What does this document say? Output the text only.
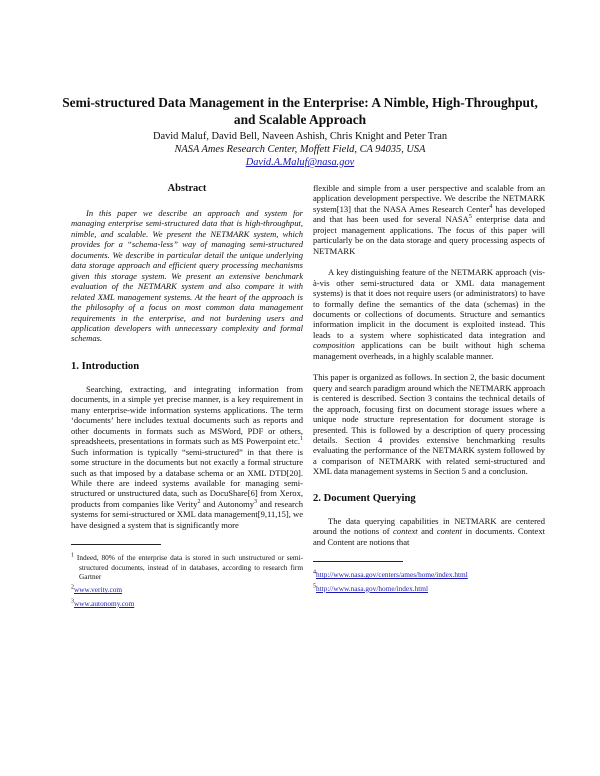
Semi-structured Data Management in the Enterprise: A Nimble, High-Throughput, and Scalable Approach
David Maluf, David Bell, Naveen Ashish, Chris Knight and Peter Tran
NASA Ames Research Center, Moffett Field, CA 94035, USA
David.A.Maluf@nasa.gov
Abstract

In this paper we describe an approach and system for managing enterprise semi-structured data that is high-throughput, nimble, and scalable. We present the NETMARK system, which provides for a “schema-less” way of managing semi-structured documents. We describe in particular detail the unique underlying data storage approach and efficient query processing mechanisms given this storage system. We present an extensive benchmark evaluation of the NETMARK system and also compare it with related XML management systems. At the heart of the approach is the philosophy of a focus on most common data management requirements in the enterprise, and not burdening users and application developers with unnecessary complexity and formal schemas.

1. Introduction

Searching, extracting, and integrating information from documents, in a simple yet precise manner, is a key requirement in many enterprise-wide information systems applications. The term ‘documents’ here includes textual documents such as reports and other documents in formats such as MSWord, PDF or others, spreadsheets, presentations in formats such as MS Powerpoint etc.$^1$ Such information is typically “semi-structured” in that there is some structure in the documents but not exactly a formal structure such as that imposed by a database schema or an XML DTD[20]. While there are indeed systems available for managing semi-structured or unstructured data, such as DocuShare[6] from Xerox, products from companies like Verity$^2$ and Autonomy$^3$ and research systems for semi-structured or XML data management[9,11,15], we have designed a system that is significantly more

$^1$ Indeed, 80% of the enterprise data is stored in such unstructured or semi-structured documents, instead of in databases, according to research firm Gartner

$^2$www.verity.com

$^3$www.autonomy.com

flexible and simple from a user perspective and scalable from an application development perspective. We describe the NETMARK system[13] that the NASA Ames Research Center$^4$ has developed and that has been used for several NASA$^5$ enterprise data and project management applications. The focus of this paper will particularly be on the data storage and query processing aspects of NETMARK

A key distinguishing feature of the NETMARK approach (vis-à-vis other semi-structured data or XML data management systems) is that it does not require users (or administrators) to have to formally define the semantics of the data (schemas) in the documents or collections of documents. Structure and semantics information implicit in the document is exploited instead. This leads to a system where sophisticated data integration and composition applications can be built without high schema management overheads, in a highly scalable manner.

This paper is organized as follows. In section 2, the basic document query and search paradigm around which the NETMARK approach is centered is described. Section 3 contains the technical details of the approach, focusing first on document storage issues where a unique node structure representation for document storage is presented. This is followed by a description of query processing details. Section 4 provides extensive benchmarking results evaluating the performance of the NETMARK system followed by a comparison of NETMARK with related semi-structured and XML data management systems in Section 5 and a conclusion.

2. Document Querying

The data querying capabilities in NETMARK are centered around the notions of context and content in documents. Context and Content are notions that

$^4$http://www.nasa.gov/centers/ames/home/index.html

$^5$http://www.nasa.gov/home/index.html
